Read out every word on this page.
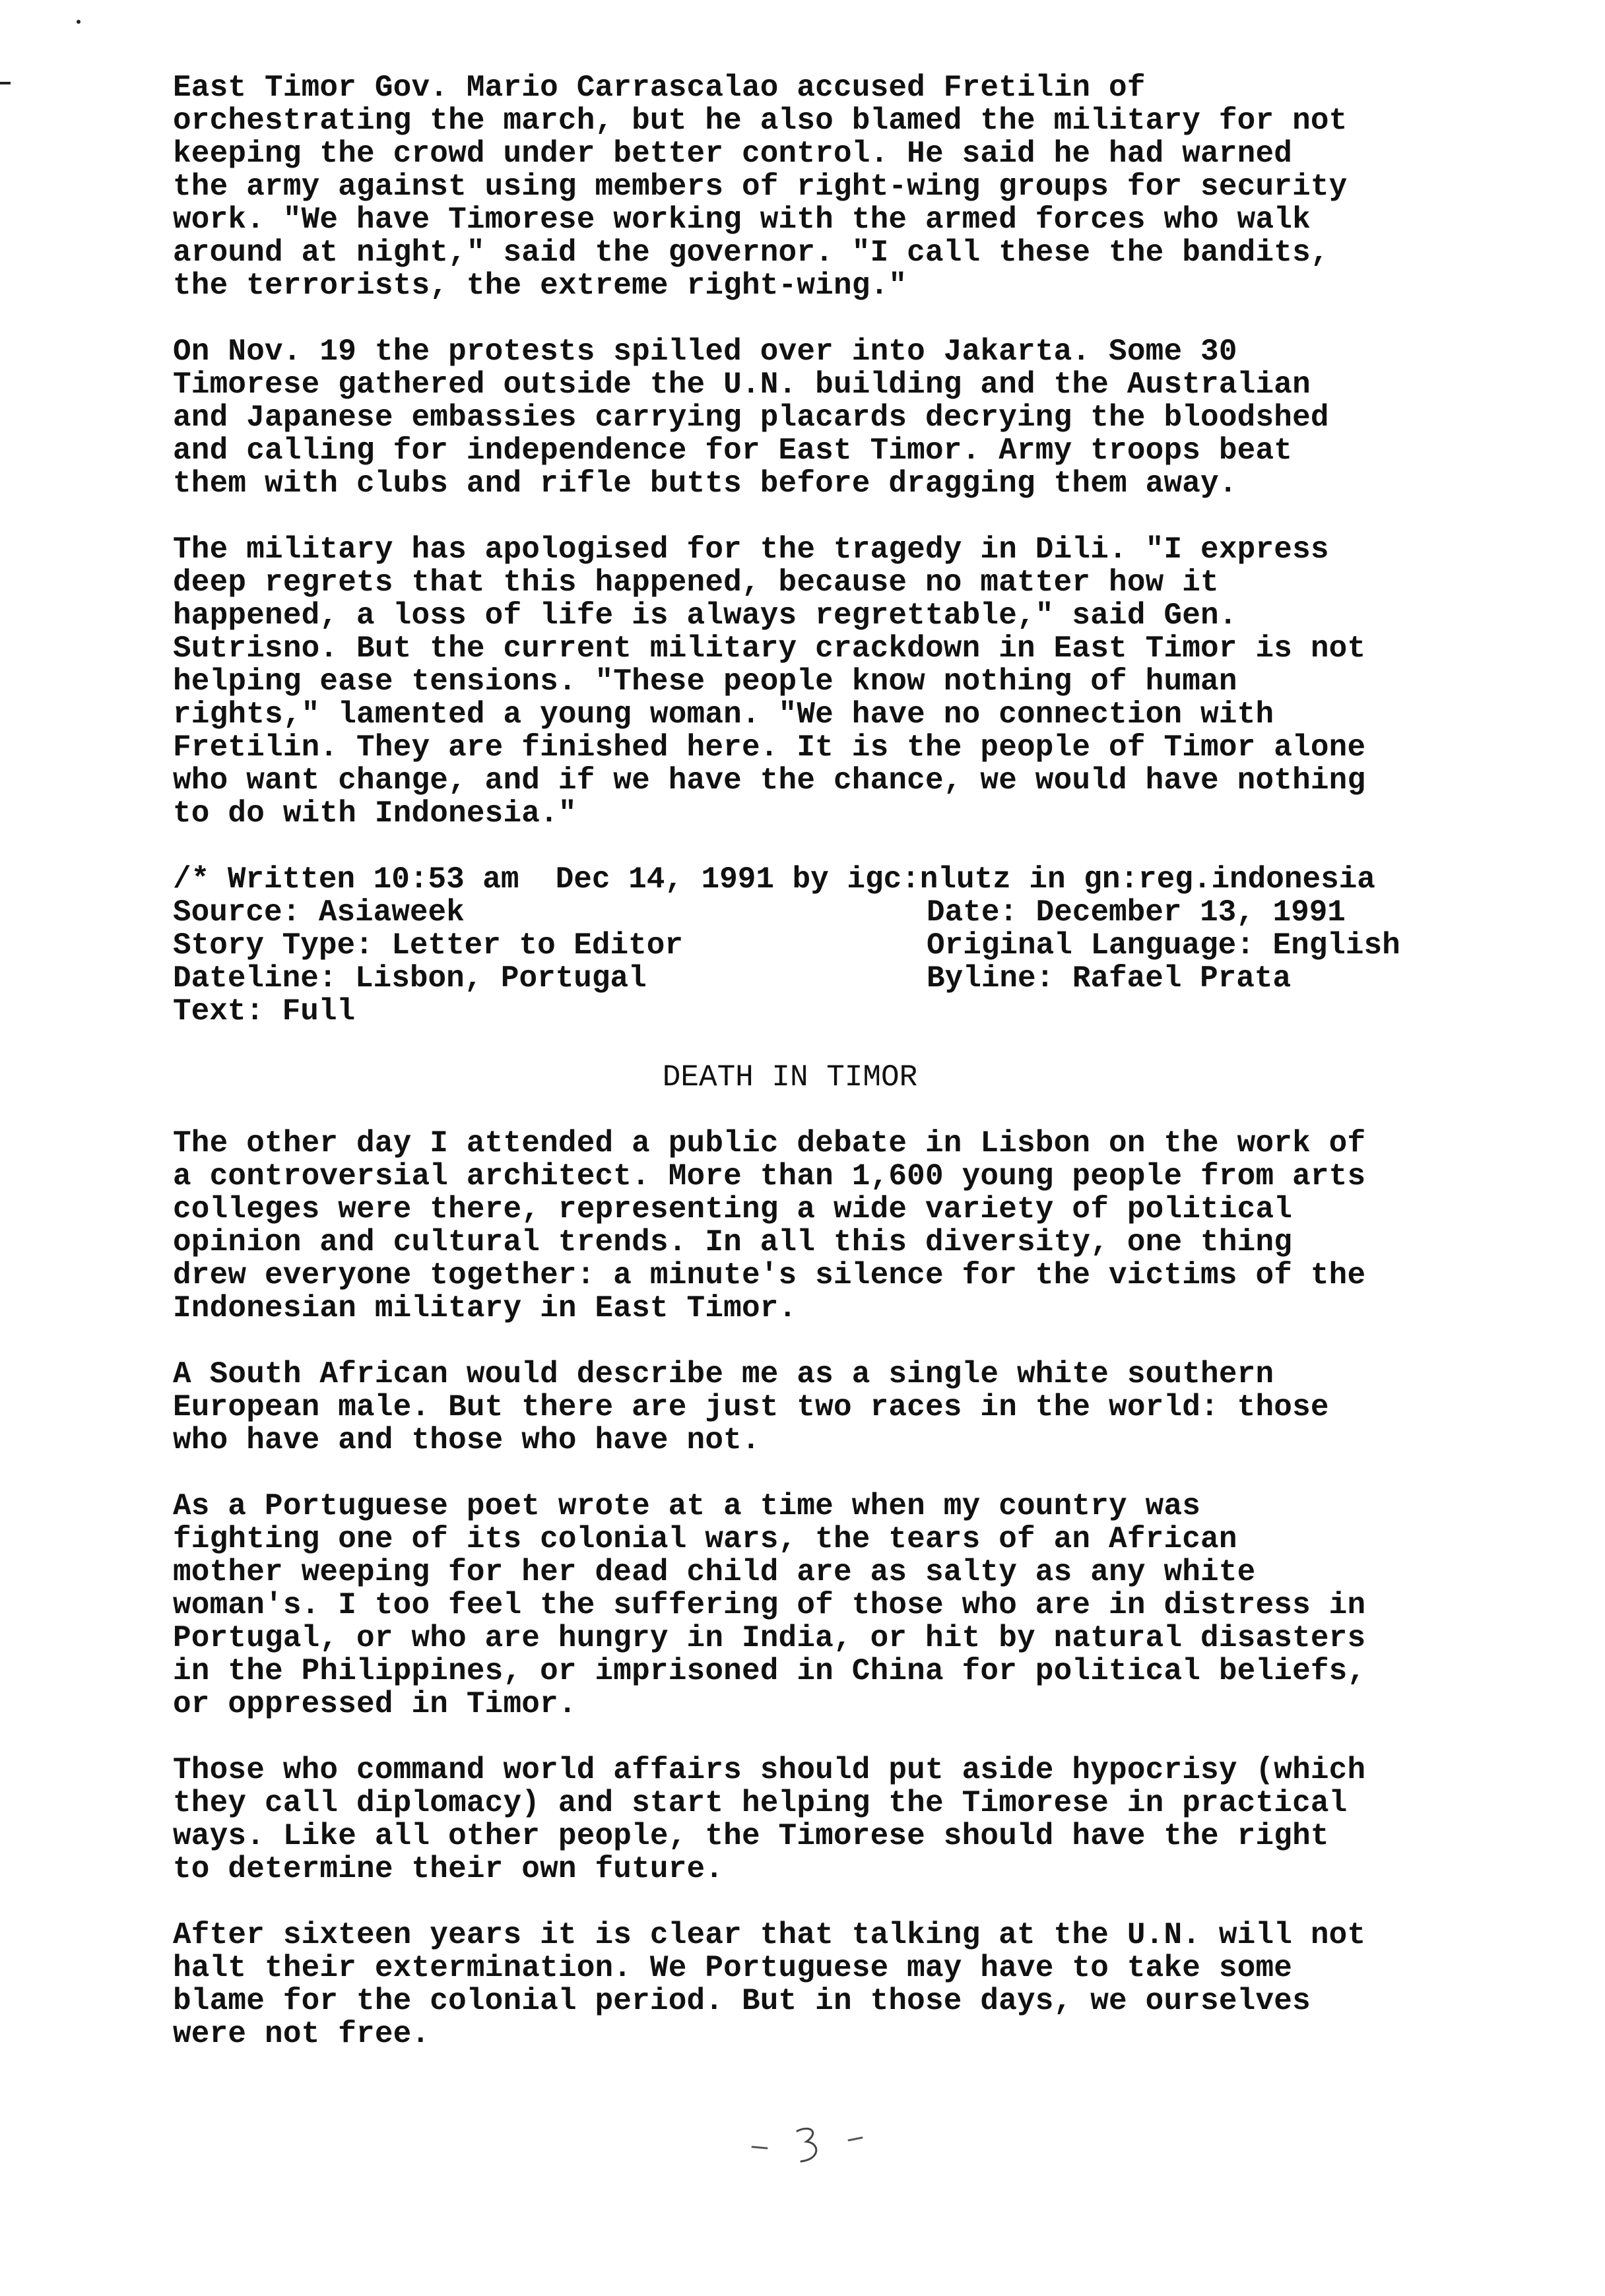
East Timor Gov. Mario Carrascalao accused Fretilin of
orchestrating the march, but he also blamed the military for not
keeping the crowd under better control. He said he had warned
the army against using members of right-wing groups for security
work. "We have Timorese working with the armed forces who walk
around at night," said the governor. "I call these the bandits,
the terrorists, the extreme right-wing."
On Nov. 19 the protests spilled over into Jakarta. Some 30
Timorese gathered outside the U.N. building and the Australian
and Japanese embassies carrying placards decrying the bloodshed
and calling for independence for East Timor. Army troops beat
them with clubs and rifle butts before dragging them away.
The military has apologised for the tragedy in Dili. "I express
deep regrets that this happened, because no matter how it
happened, a loss of life is always regrettable," said Gen.
Sutrisno. But the current military crackdown in East Timor is not
helping ease tensions. "These people know nothing of human
rights," lamented a young woman. "We have no connection with
Fretilin. They are finished here. It is the people of Timor alone
who want change, and if we have the chance, we would have nothing
to do with Indonesia."
/* Written 10:53 am  Dec 14, 1991 by igc:nlutz in gn:reg.indonesia
Source: Asiaweek	Date: December 13, 1991
Story Type: Letter to Editor	Original Language: English
Dateline: Lisbon, Portugal	Byline: Rafael Prata
Text: Full
DEATH IN TIMOR
The other day I attended a public debate in Lisbon on the work of
a controversial architect. More than 1,600 young people from arts
colleges were there, representing a wide variety of political
opinion and cultural trends. In all this diversity, one thing
drew everyone together: a minute's silence for the victims of the
Indonesian military in East Timor.
A South African would describe me as a single white southern
European male. But there are just two races in the world: those
who have and those who have not.
As a Portuguese poet wrote at a time when my country was
fighting one of its colonial wars, the tears of an African
mother weeping for her dead child are as salty as any white
woman's. I too feel the suffering of those who are in distress in
Portugal, or who are hungry in India, or hit by natural disasters
in the Philippines, or imprisoned in China for political beliefs,
or oppressed in Timor.
Those who command world affairs should put aside hypocrisy (which
they call diplomacy) and start helping the Timorese in practical
ways. Like all other people, the Timorese should have the right
to determine their own future.
After sixteen years it is clear that talking at the U.N. will not
halt their extermination. We Portuguese may have to take some
blame for the colonial period. But in those days, we ourselves
were not free.
